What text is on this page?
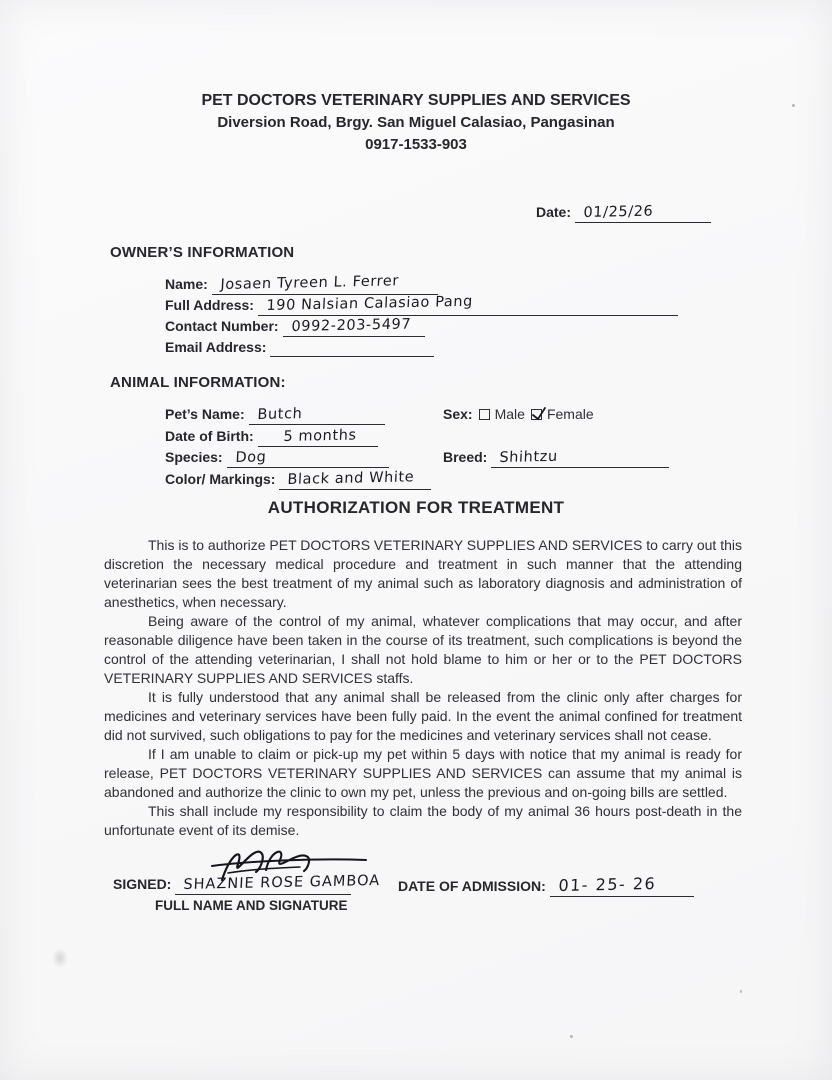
PET DOCTORS VETERINARY SUPPLIES AND SERVICES
Diversion Road, Brgy. San Miguel Calasiao, Pangasinan
0917-1533-903
Date: 01/25/26
OWNER’S INFORMATION
Name: Josaen Tyreen L. Ferrer
Full Address: 190 Nalsian Calasiao Pang
Contact Number: 0992-203-5497
Email Address:
ANIMAL INFORMATION:
Pet’s Name: Butch	Sex: Male Female
Date of Birth: 5 months
Species: Dog	Breed: Shihtzu
Color/ Markings: Black and White
AUTHORIZATION FOR TREATMENT

This is to authorize PET DOCTORS VETERINARY SUPPLIES AND SERVICES to carry out this discretion the necessary medical procedure and treatment in such manner that the attending veterinarian sees the best treatment of my animal such as laboratory diagnosis and administration of anesthetics, when necessary.

Being aware of the control of my animal, whatever complications that may occur, and after reasonable diligence have been taken in the course of its treatment, such complications is beyond the control of the attending veterinarian, I shall not hold blame to him or her or to the PET DOCTORS VETERINARY SUPPLIES AND SERVICES staffs.

It is fully understood that any animal shall be released from the clinic only after charges for medicines and veterinary services have been fully paid. In the event the animal confined for treatment did not survived, such obligations to pay for the medicines and veterinary services shall not cease.

If I am unable to claim or pick-up my pet within 5 days with notice that my animal is ready for release, PET DOCTORS VETERINARY SUPPLIES AND SERVICES can assume that my animal is abandoned and authorize the clinic to own my pet, unless the previous and on-going bills are settled.

This shall include my responsibility to claim the body of my animal 36 hours post-death in the unfortunate event of its demise.

SIGNED: SHAZNIE ROSE GAMBOA
FULL NAME AND SIGNATURE
DATE OF ADMISSION: 01- 25- 26
